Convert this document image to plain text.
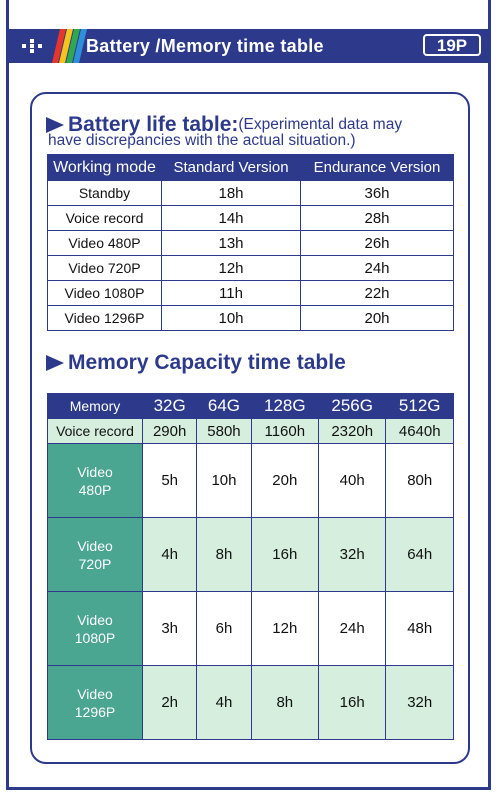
Battery /Memory time table	19P
Battery life table:(Experimental data may
have discrepancies with the actual situation.)
Working mode	Standard Version	Endurance Version
Standby	18h	36h
Voice record	14h	28h
Video 480P	13h	26h
Video 720P	12h	24h
Video 1080P	11h	22h
Video 1296P	10h	20h
Memory Capacity time table
Memory	32G	64G	128G	256G	512G
Voice record	290h	580h	1160h	2320h	4640h
Video
480P	5h	10h	20h	40h	80h
Video
720P	4h	8h	16h	32h	64h
Video
1080P	3h	6h	12h	24h	48h
Video
1296P	2h	4h	8h	16h	32h
